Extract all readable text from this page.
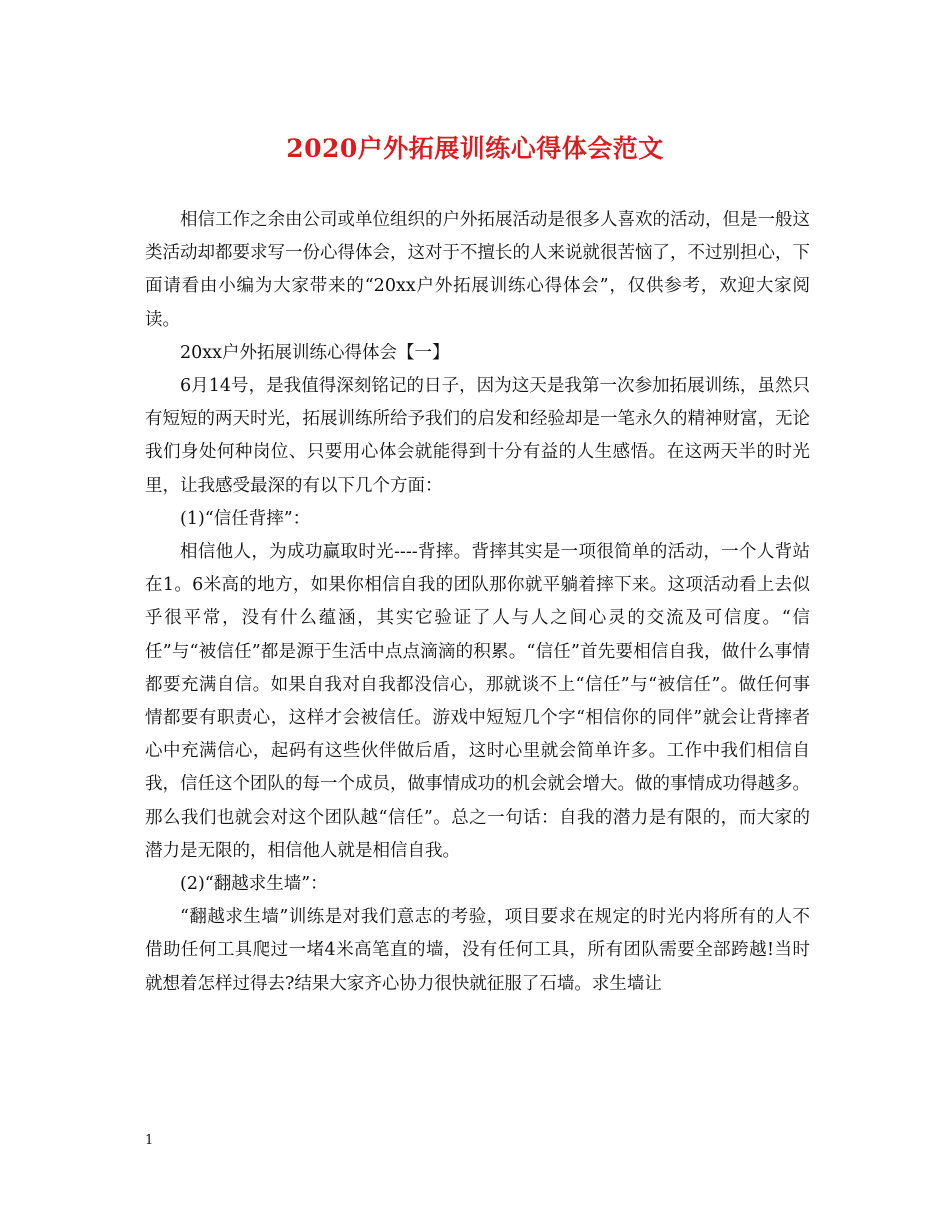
2020户外拓展训练心得体会范文

相信工作之余由公司或单位组织的户外拓展活动是很多人喜欢的活动，但是一般这类活动却都要求写一份心得体会，这对于不擅长的人来说就很苦恼了，不过别担心，下面请看由小编为大家带来的“20xx户外拓展训练心得体会”，仅供参考，欢迎大家阅读。

20xx户外拓展训练心得体会【一】

6月14号，是我值得深刻铭记的日子，因为这天是我第一次参加拓展训练，虽然只有短短的两天时光，拓展训练所给予我们的启发和经验却是一笔永久的精神财富，无论我们身处何种岗位、只要用心体会就能得到十分有益的人生感悟。在这两天半的时光里，让我感受最深的有以下几个方面：

(1)“信任背摔”：

相信他人，为成功赢取时光----背摔。背摔其实是一项很简单的活动，一个人背站在1。6米高的地方，如果你相信自我的团队那你就平躺着摔下来。这项活动看上去似乎很平常，没有什么蕴涵，其实它验证了人与人之间心灵的交流及可信度。“信任”与“被信任”都是源于生活中点点滴滴的积累。“信任”首先要相信自我，做什么事情都要充满自信。如果自我对自我都没信心，那就谈不上“信任”与“被信任”。做任何事情都要有职责心，这样才会被信任。游戏中短短几个字“相信你的同伴”就会让背摔者心中充满信心，起码有这些伙伴做后盾，这时心里就会简单许多。工作中我们相信自我，信任这个团队的每一个成员，做事情成功的机会就会增大。做的事情成功得越多。那么我们也就会对这个团队越“信任”。总之一句话：自我的潜力是有限的，而大家的潜力是无限的，相信他人就是相信自我。

(2)“翻越求生墙”：

“翻越求生墙”训练是对我们意志的考验，项目要求在规定的时光内将所有的人不借助任何工具爬过一堵4米高笔直的墙，没有任何工具，所有团队需要全部跨越!当时就想着怎样过得去?结果大家齐心协力很快就征服了石墙。求生墙让

1
